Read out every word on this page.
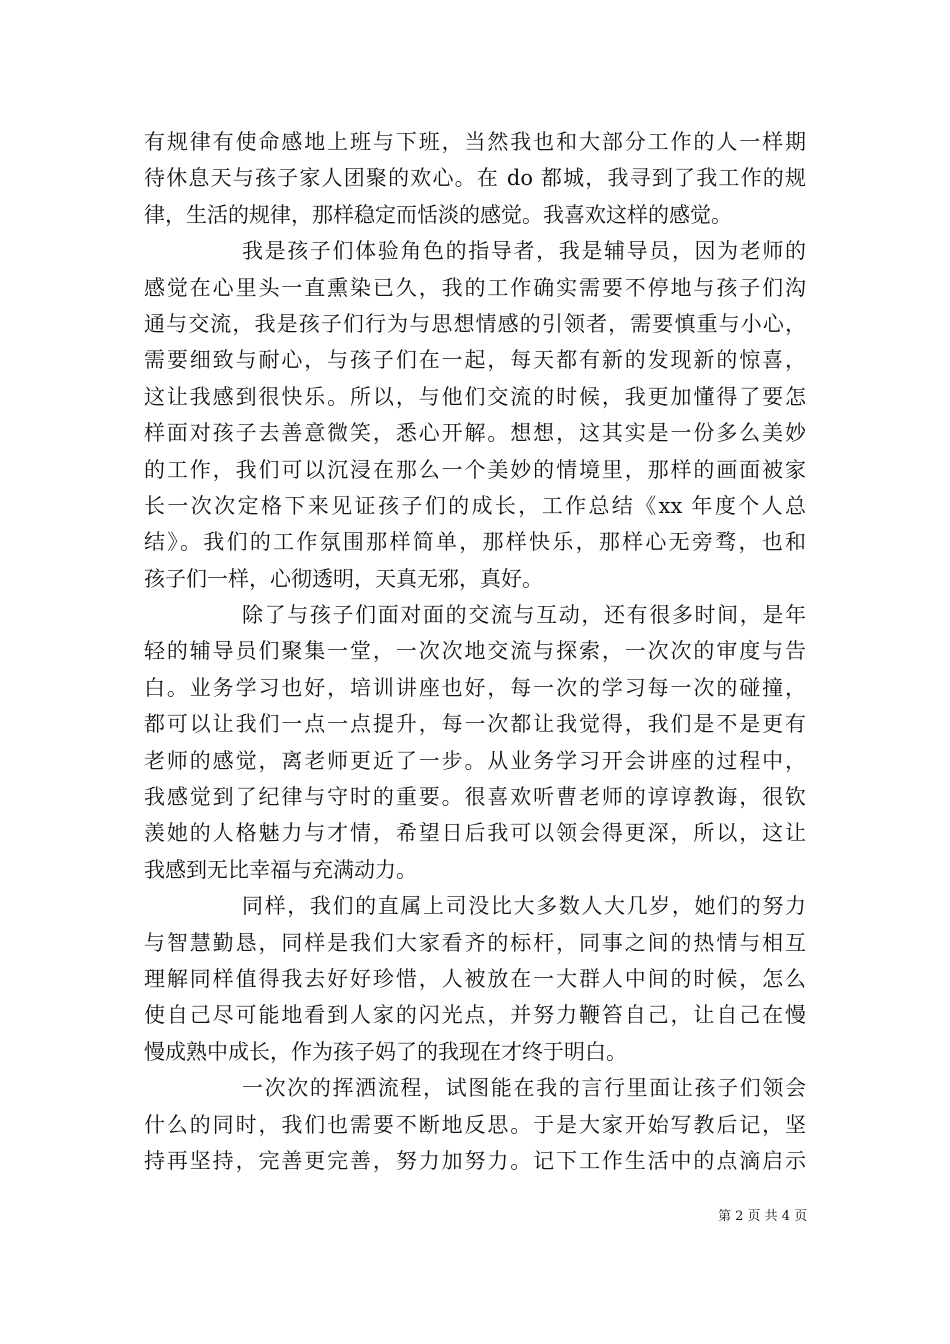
有规律有使命感地上班与下班，当然我也和大部分工作的人一样期
待休息天与孩子家人团聚的欢心。在 do 都城，我寻到了我工作的规
律，生活的规律，那样稳定而恬淡的感觉。我喜欢这样的感觉。
我是孩子们体验角色的指导者，我是辅导员，因为老师的
感觉在心里头一直熏染已久，我的工作确实需要不停地与孩子们沟
通与交流，我是孩子们行为与思想情感的引领者，需要慎重与小心，
需要细致与耐心，与孩子们在一起，每天都有新的发现新的惊喜，
这让我感到很快乐。所以，与他们交流的时候，我更加懂得了要怎
样面对孩子去善意微笑，悉心开解。想想，这其实是一份多么美妙
的工作，我们可以沉浸在那么一个美妙的情境里，那样的画面被家
长一次次定格下来见证孩子们的成长，工作总结《xx 年度个人总
结》。我们的工作氛围那样简单，那样快乐，那样心无旁骛，也和
孩子们一样，心彻透明，天真无邪，真好。
除了与孩子们面对面的交流与互动，还有很多时间，是年
轻的辅导员们聚集一堂，一次次地交流与探索，一次次的审度与告
白。业务学习也好，培训讲座也好，每一次的学习每一次的碰撞，
都可以让我们一点一点提升，每一次都让我觉得，我们是不是更有
老师的感觉，离老师更近了一步。从业务学习开会讲座的过程中，
我感觉到了纪律与守时的重要。很喜欢听曹老师的谆谆教诲，很钦
羡她的人格魅力与才情，希望日后我可以领会得更深，所以，这让
我感到无比幸福与充满动力。
同样，我们的直属上司没比大多数人大几岁，她们的努力
与智慧勤恳，同样是我们大家看齐的标杆，同事之间的热情与相互
理解同样值得我去好好珍惜，人被放在一大群人中间的时候，怎么
使自己尽可能地看到人家的闪光点，并努力鞭笞自己，让自己在慢
慢成熟中成长，作为孩子妈了的我现在才终于明白。
一次次的挥洒流程，试图能在我的言行里面让孩子们领会
什么的同时，我们也需要不断地反思。于是大家开始写教后记，坚
持再坚持，完善更完善，努力加努力。记下工作生活中的点滴启示
第 2 页 共 4 页
